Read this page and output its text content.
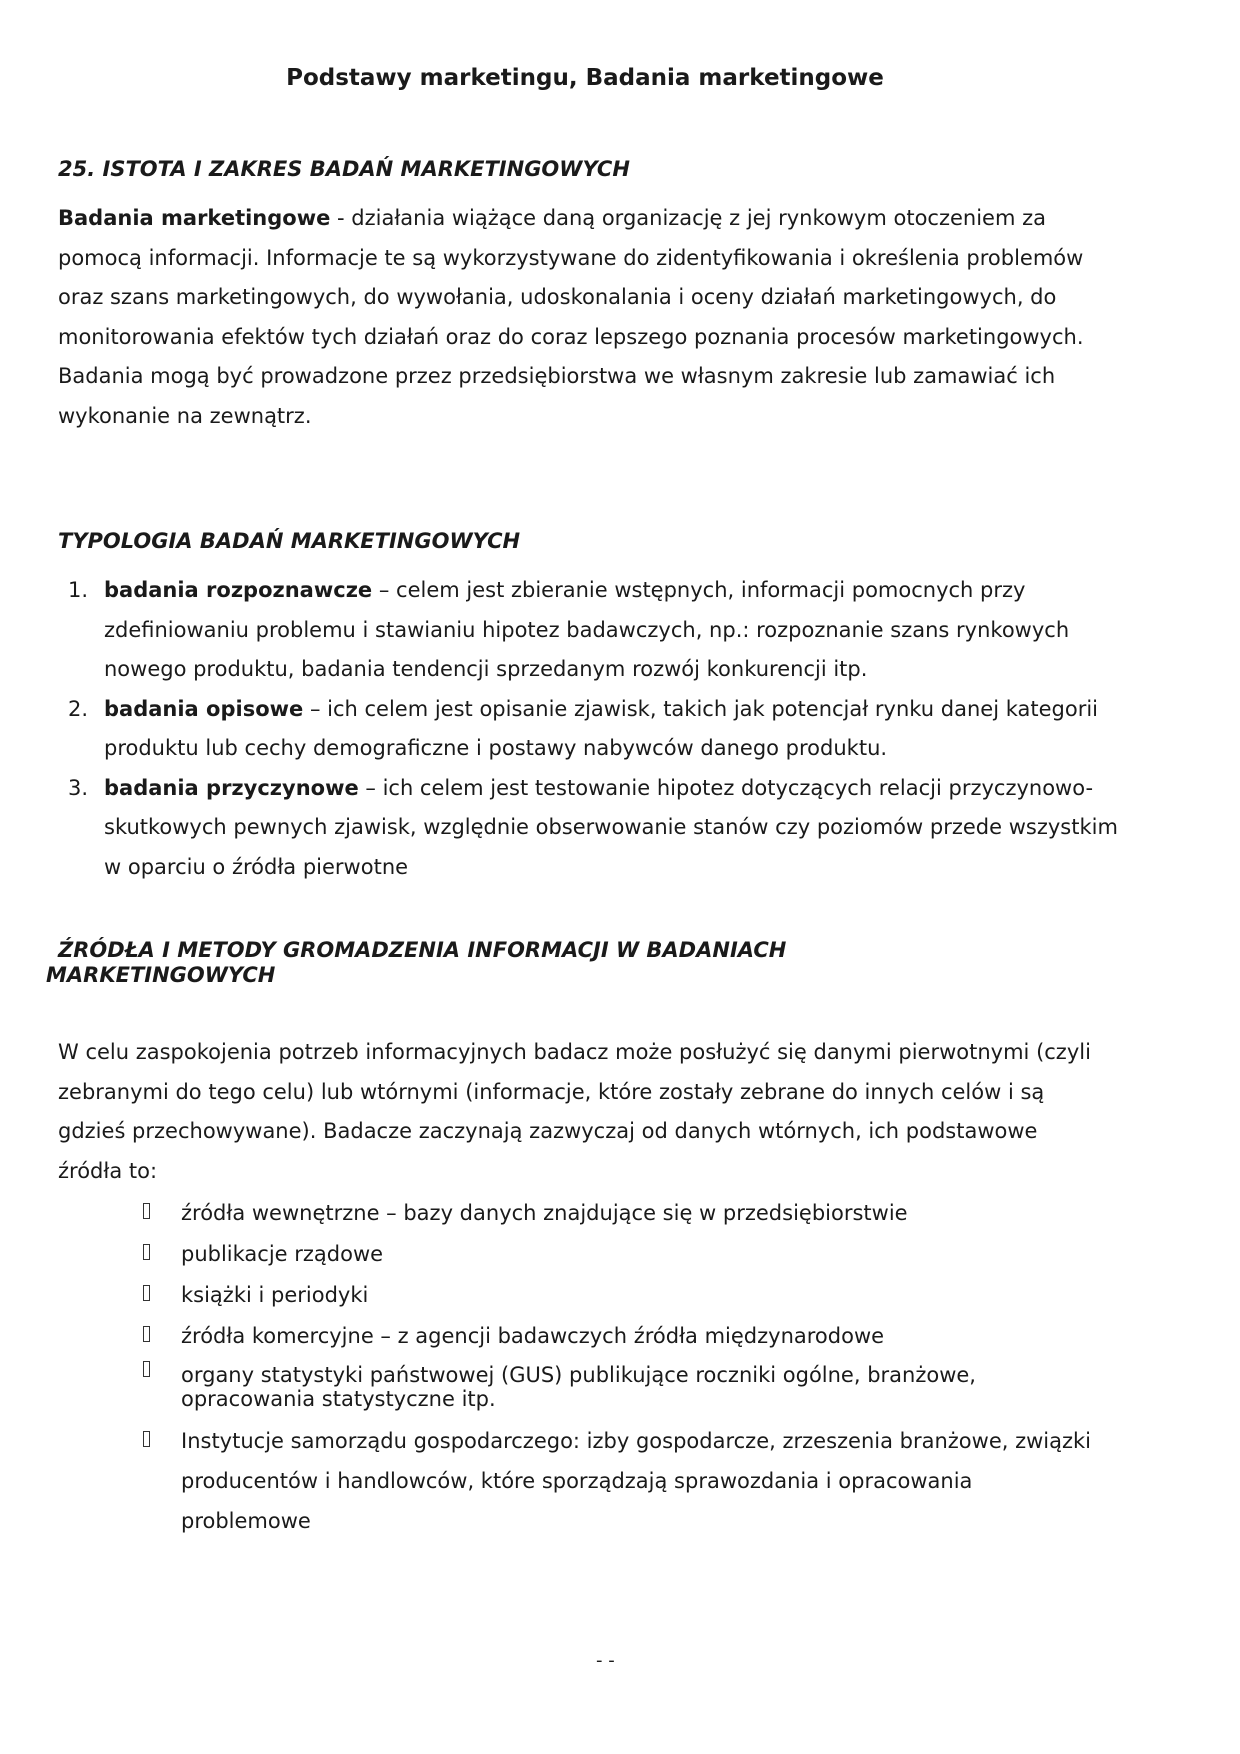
Podstawy marketingu, Badania marketingowe
25. ISTOTA I ZAKRES BADAŃ MARKETINGOWYCH

Badania marketingowe - działania wiążące daną organizację z jej rynkowym otoczeniem za pomocą informacji. Informacje te są wykorzystywane do zidentyfikowania i określenia problemów oraz szans marketingowych, do wywołania, udoskonalania i oceny działań marketingowych, do monitorowania efektów tych działań oraz do coraz lepszego poznania procesów marketingowych. Badania mogą być prowadzone przez przedsiębiorstwa we własnym zakresie lub zamawiać ich wykonanie na zewnątrz.

TYPOLOGIA BADAŃ MARKETINGOWYCH
1. badania rozpoznawcze – celem jest zbieranie wstępnych, informacji pomocnych przy zdefiniowaniu problemu i stawianiu hipotez badawczych, np.: rozpoznanie szans rynkowych nowego produktu, badania tendencji sprzedanym rozwój konkurencji itp.
2. badania opisowe – ich celem jest opisanie zjawisk, takich jak potencjał rynku danej kategorii produktu lub cechy demograficzne i postawy nabywców danego produktu.
3. badania przyczynowe – ich celem jest testowanie hipotez dotyczących relacji przyczynowo- skutkowych pewnych zjawisk, względnie obserwowanie stanów czy poziomów przede wszystkim w oparciu o źródła pierwotne
ŹRÓDŁA I METODY GROMADZENIA INFORMACJI W BADANIACH
MARKETINGOWYCH

W celu zaspokojenia potrzeb informacyjnych badacz może posłużyć się danymi pierwotnymi (czyli zebranymi do tego celu) lub wtórnymi (informacje, które zostały zebrane do innych celów i są gdzieś przechowywane). Badacze zaczynają zazwyczaj od danych wtórnych, ich podstawowe źródła to:

źródła wewnętrzne – bazy danych znajdujące się w przedsiębiorstwie
publikacje rządowe
książki i periodyki
źródła komercyjne – z agencji badawczych źródła międzynarodowe
organy statystyki państwowej (GUS) publikujące roczniki ogólne, branżowe, opracowania statystyczne itp.
Instytucje samorządu gospodarczego: izby gospodarcze, zrzeszenia branżowe, związki producentów i handlowców, które sporządzają sprawozdania i opracowania problemowe

- -
